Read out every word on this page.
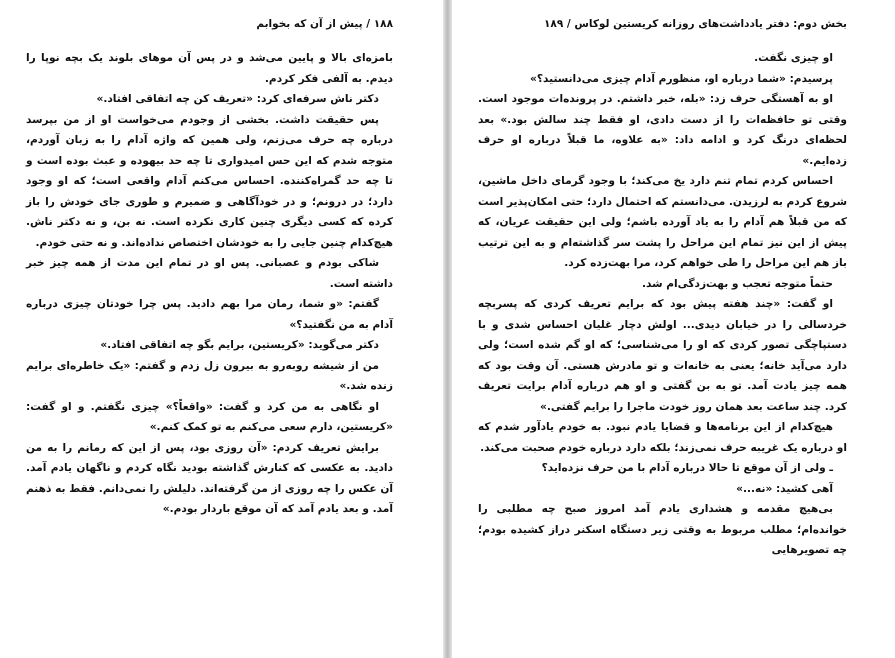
۱۸۸ / پیش از آن که بخوابم

بامزه‌ای بالا و پایین می‌شد و در پس آن موهای بلوند یک بچه نوپا را دیدم. به آلفی فکر کردم.

دکتر ناش سرفه‌ای کرد: «تعریف کن چه اتفاقی افتاد.»

پس حقیقت داشت. بخشی از وجودم می‌خواست او از من بپرسد درباره چه حرف می‌زنم، ولی همین که واژه آدام را به زبان آوردم، متوجه شدم که این حس امیدواری تا چه حد بیهوده و عبث بوده است و تا چه حد گمراه‌کننده. احساس می‌کنم آدام واقعی است؛ که او وجود دارد؛ در درونم؛ و در خودآگاهی و ضمیرم و طوری جای خودش را باز کرده که کسی دیگری چنین کاری نکرده است. نه بن، و نه دکتر ناش. هیچ‌کدام چنین جایی را به خودشان اختصاص نداده‌اند. و نه حتی خودم.

شاکی بودم و عصبانی. پس او در تمام این مدت از همه چیز خبر داشته است.

گفتم: «و شما، رمان مرا بهم دادید. پس چرا خودتان چیزی درباره آدام به من نگفتید؟»

دکتر می‌گوید: «کریستین، برایم بگو چه اتفاقی افتاد.»

من از شیشه روبه‌رو به بیرون زل زدم و گفتم: «یک خاطره‌ای برایم زنده شد.»

او نگاهی به من کرد و گفت: «واقعاً؟» چیزی نگفتم. و او گفت: «کریستین، دارم سعی می‌کنم به تو کمک کنم.»

برایش تعریف کردم: «آن روزی بود، پس از این که رمانم را به من دادید. به عکسی که کنارش گذاشته بودید نگاه کردم و ناگهان یادم آمد. آن عکس را چه روزی از من گرفته‌اند. دلیلش را نمی‌دانم. فقط به ذهنم آمد. و بعد یادم آمد که آن موقع باردار بودم.»

بخش دوم: دفتر یادداشت‌های روزانه کریستین لوکاس / ۱۸۹

او چیزی نگفت.

پرسیدم: «شما درباره او، منظورم آدام چیزی می‌دانستید؟»

او به آهستگی حرف زد: «بله، خبر داشتم. در پرونده‌ات موجود است. وقتی تو حافظه‌ات را از دست دادی، او فقط چند سالش بود.» بعد لحظه‌ای درنگ کرد و ادامه داد: «به علاوه، ما قبلاً درباره او حرف زده‌ایم.»

احساس کردم تمام تنم دارد یخ می‌کند؛ با وجود گرمای داخل ماشین، شروع کردم به لرزیدن. می‌دانستم که احتمال دارد؛ حتی امکان‌پذیر است که من قبلاً هم آدام را به یاد آورده باشم؛ ولی این حقیقت عریان، که پیش از این نیز تمام این مراحل را پشت سر گذاشته‌ام و به این ترتیب باز هم این مراحل را طی خواهم کرد، مرا بهت‌زده کرد.

حتماً متوجه تعجب و بهت‌زدگی‌ام شد.

او گفت: «چند هفته پیش بود که برایم تعریف کردی که پسربچه خردسالی را در خیابان دیدی... اولش دچار غلیان احساس شدی و با دستپاچگی تصور کردی که او را می‌شناسی؛ که او گم شده است؛ ولی دارد می‌آید خانه؛ یعنی به خانه‌ات و تو مادرش هستی. آن وقت بود که همه چیز یادت آمد. تو به بن گفتی و او هم درباره آدام برایت تعریف کرد. چند ساعت بعد همان روز خودت ماجرا را برایم گفتی.»

هیچ‌کدام از این برنامه‌ها و قضایا یادم نبود. به خودم یادآور شدم که او درباره یک غریبه حرف نمی‌زند؛ بلکه دارد درباره خودم صحبت می‌کند.

ـ ولی از آن موقع تا حالا درباره آدام با من حرف نزده‌اید؟

آهی کشید: «نه...»

بی‌هیچ مقدمه و هشداری یادم آمد امروز صبح چه مطلبی را خوانده‌ام؛ مطلب مربوط به وقتی زیر دستگاه اسکنر دراز کشیده بودم؛ چه تصویرهایی
